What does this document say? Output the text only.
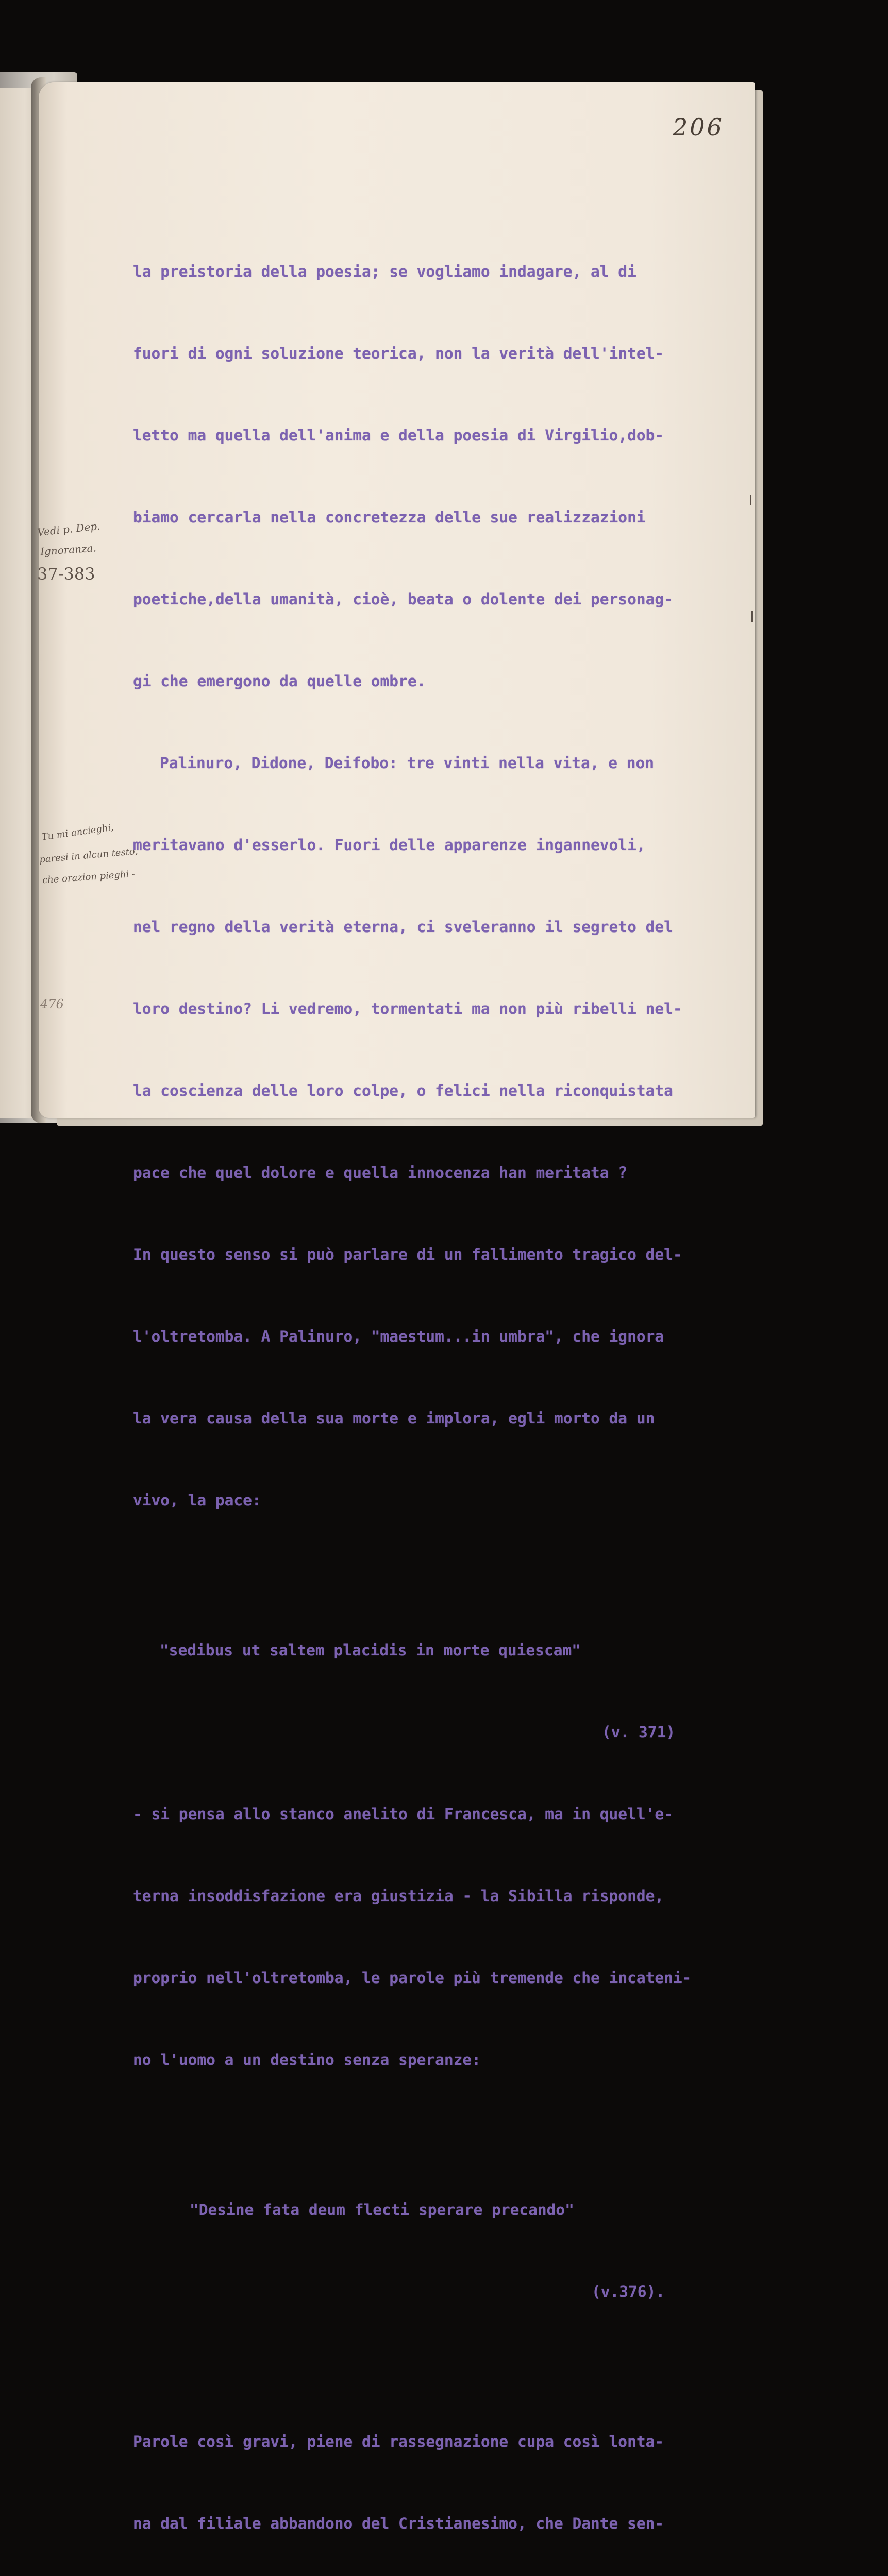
206

la preistoria della poesia; se vogliamo indagare, al di

fuori di ogni soluzione teorica, non la verità dell'intel-

letto ma quella dell'anima e della poesia di Virgilio,dob-

biamo cercarla nella concretezza delle sue realizzazioni

poetiche,della umanità, cioè, beata o dolente dei personag-

gi che emergono da quelle ombre.

Palinuro, Didone, Deifobo: tre vinti nella vita, e non

meritavano d'esserlo. Fuori delle apparenze ingannevoli,

nel regno della verità eterna, ci sveleranno il segreto del

loro destino? Li vedremo, tormentati ma non più ribelli nel-

la coscienza delle loro colpe, o felici nella riconquistata

pace che quel dolore e quella innocenza han meritata ?

In questo senso si può parlare di un fallimento tragico del-

l'oltretomba. A Palinuro, "maestum...in umbra", che ignora

la vera causa della sua morte e implora, egli morto da un

vivo, la pace:

"sedibus ut saltem placidis in morte quiescam"

(v. 371)

- si pensa allo stanco anelito di Francesca, ma in quell'e-

terna insoddisfazione era giustizia - la Sibilla risponde,

proprio nell'oltretomba, le parole più tremende che incateni-

no l'uomo a un destino senza speranze:

"Desine fata deum flecti sperare precando"

(v.376).

Parole così gravi, piene di rassegnazione cupa così lonta-

na dal filiale abbandono del Cristianesimo, che Dante sen-

Vedi p. Dep.
Ignoranza.
37-383
Tu mi ancieghi,
paresi in alcun testo,
che orazion pieghi -
476
